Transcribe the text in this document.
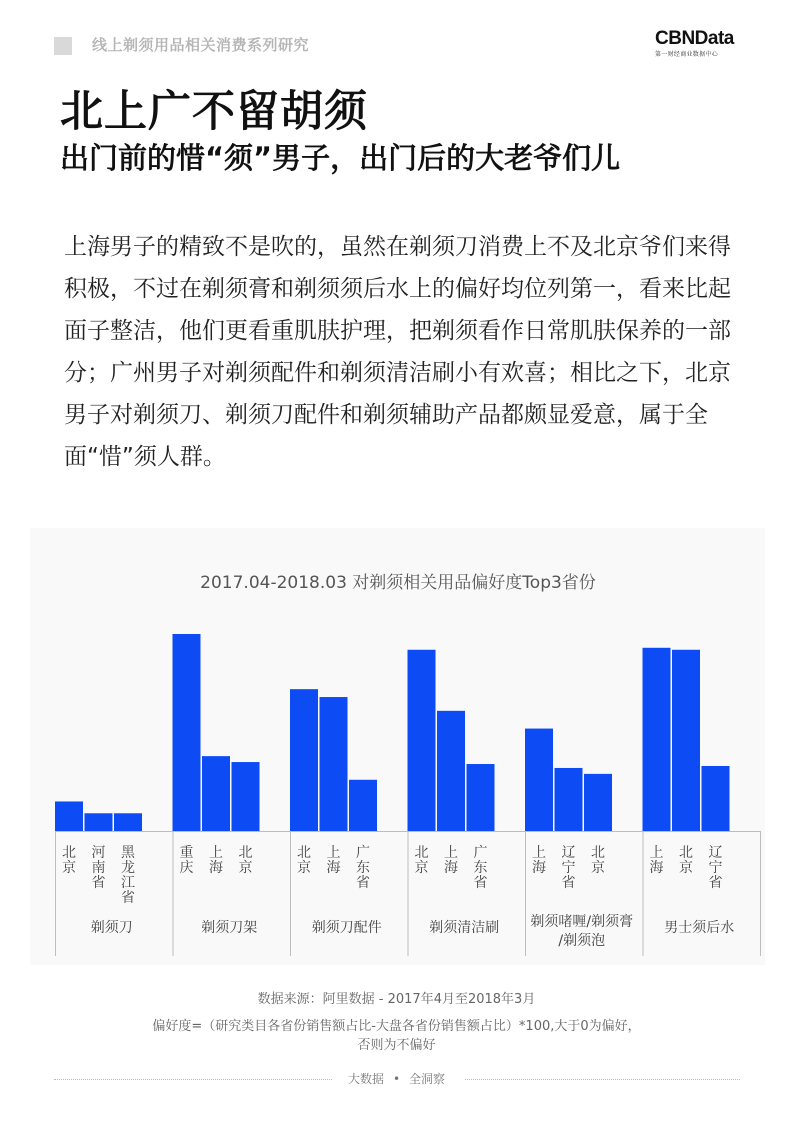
线上剃须用品相关消费系列研究	CBNData
第一财经商业数据中心
北上广不留胡须
出门前的惜“须”男子，出门后的大老爷们儿
上海男子的精致不是吹的，虽然在剃须刀消费上不及北京爷们来得积极，不过在剃须膏和剃须须后水上的偏好均位列第一，看来比起面子整洁，他们更看重肌肤护理，把剃须看作日常肌肤保养的一部分；广州男子对剃须配件和剃须清洁刷小有欢喜；相比之下，北京男子对剃须刀、剃须刀配件和剃须辅助产品都颇显爱意，属于全面“惜”须人群。
2017.04-2018.03 对剃须相关用品偏好度Top3省份
北
京
河
南
省
黑
龙
江
省
剃须刀
重
庆
上
海
北
京
剃须刀架
北
京
上
海
广
东
省
剃须刀配件
北
京
上
海
广
东
省
剃须清洁刷
上
海
辽
宁
省
北
京
剃须啫喱/剃须膏
/剃须泡
上
海
北
京
辽
宁
省
男士须后水
数据来源：阿里数据 - 2017年4月至2018年3月
偏好度=（研究类目各省份销售额占比-大盘各省份销售额占比）*100,大于0为偏好，
否则为不偏好
大数据 • 全洞察
